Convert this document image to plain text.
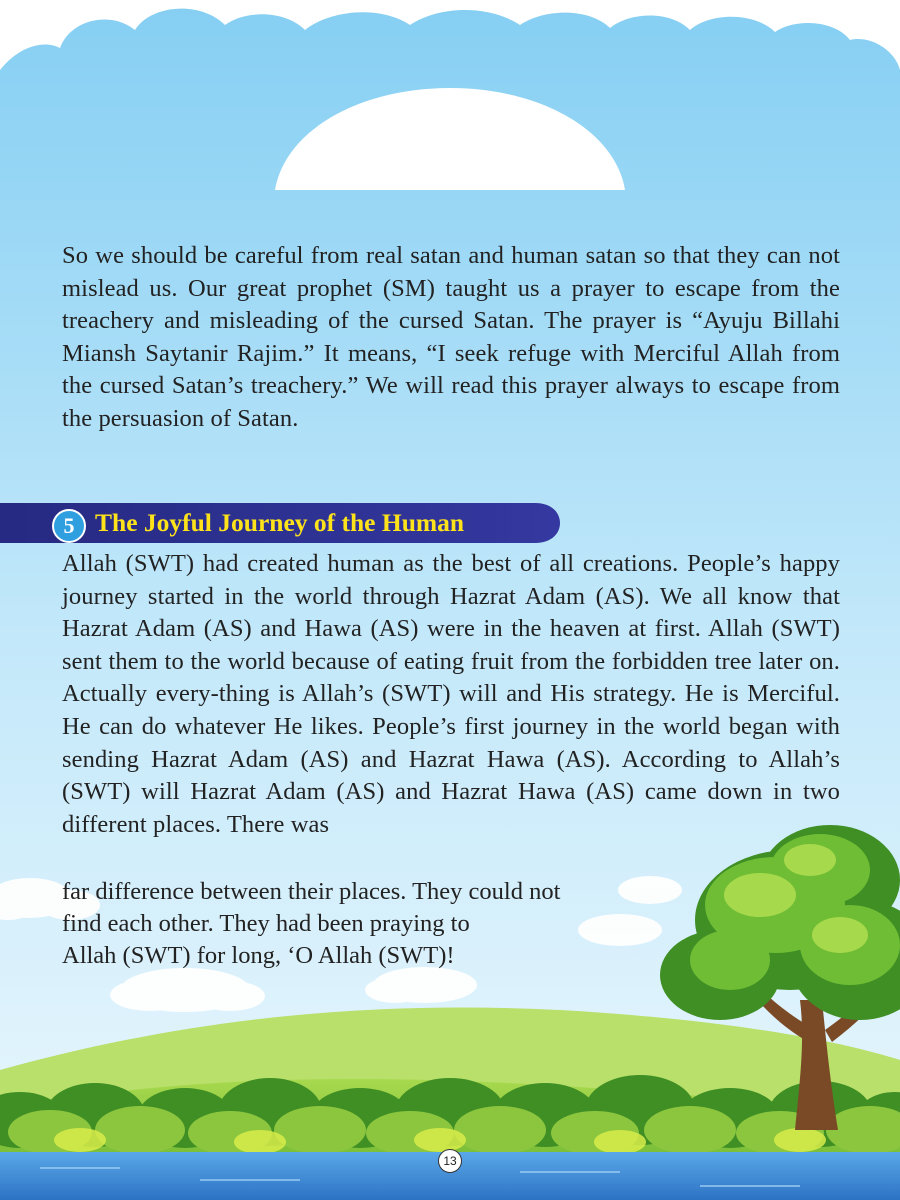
So we should be careful from real satan and human satan so that they can not mislead us. Our great prophet (SM) taught us a prayer to escape from the treachery and misleading of the cursed Satan. The prayer is “Ayuju Billahi Miansh Saytanir Rajim.” It means, “I seek refuge with Merciful Allah from the cursed Satan’s treachery.” We will read this prayer always to escape from the persuasion of Satan.

5 The Joyful Journey of the Human

Allah (SWT) had created human as the best of all creations. People’s happy journey started in the world through Hazrat Adam (AS). We all know that Hazrat Adam (AS) and Hawa (AS) were in the heaven at first. Allah (SWT) sent them to the world because of eating fruit from the forbidden tree later on. Actually every-thing is Allah’s (SWT) will and His strategy. He is Merciful. He can do whatever He likes. People’s first journey in the world began with sending Hazrat Adam (AS) and Hazrat Hawa (AS). According to Allah’s (SWT) will Hazrat Adam (AS) and Hazrat Hawa (AS) came down in two different places. There was

far difference between their places. They could not
find each other. They had been praying to
Allah (SWT) for long, ‘O Allah (SWT)!
13
